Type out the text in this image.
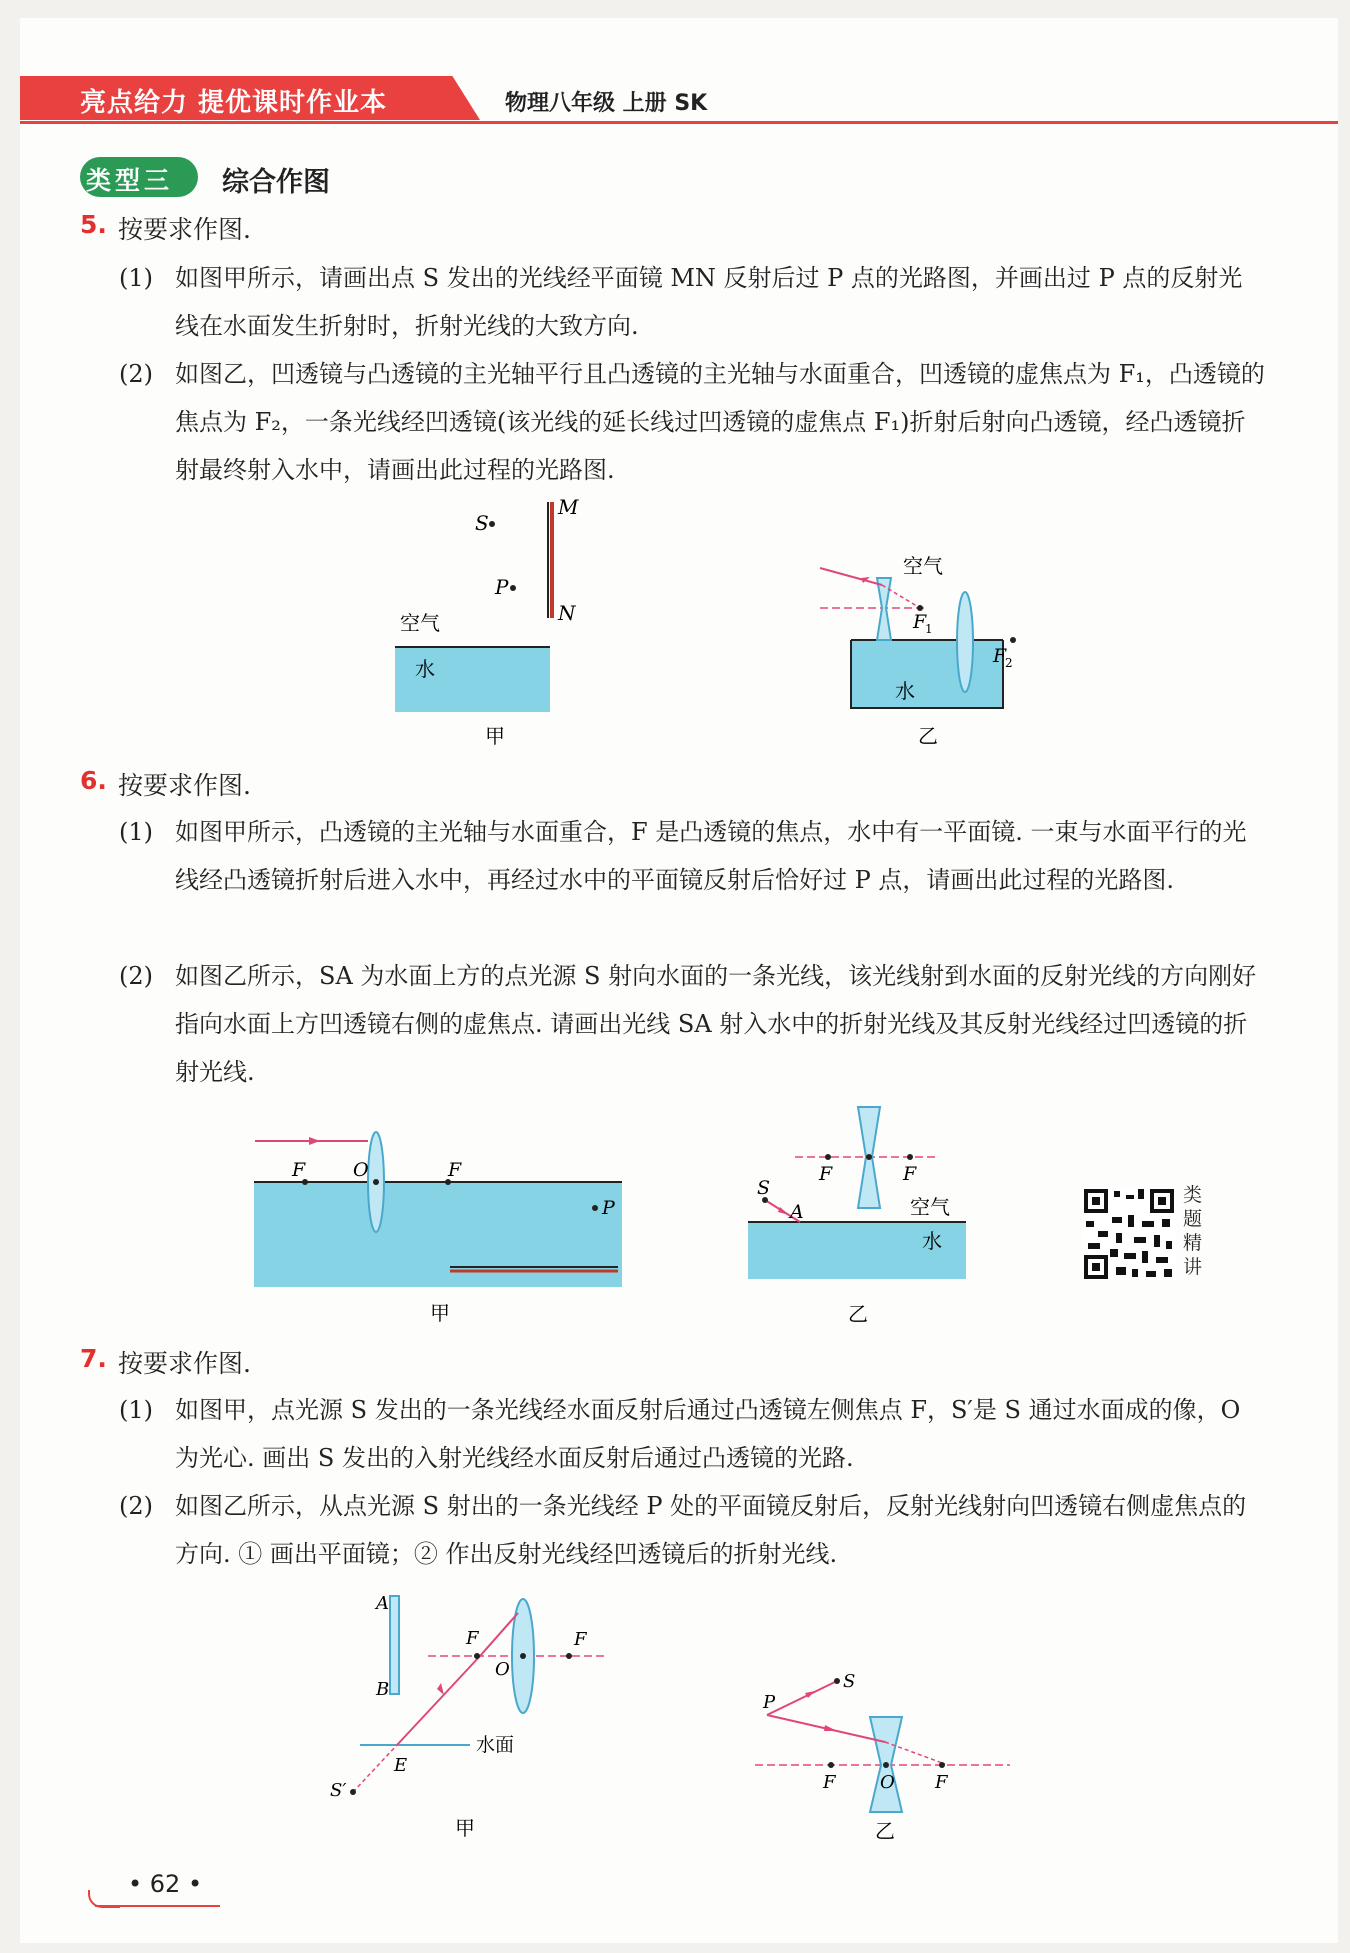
亮点给力 提优课时作业本	物理八年级 上册 SK
类型三 综合作图
5. 按要求作图.
(1) 如图甲所示，请画出点 S 发出的光线经平面镜 MN 反射后过 P 点的光路图，并画出过 P 点的反射光线在水面发生折射时，折射光线的大致方向.
(2) 如图乙，凹透镜与凸透镜的主光轴平行且凸透镜的主光轴与水面重合，凹透镜的虚焦点为 F₁，凸透镜的焦点为 F₂，一条光线经凹透镜(该光线的延长线过凹透镜的虚焦点 F₁)折射后射向凸透镜，经凸透镜折射最终射入水中，请画出此过程的光路图.
S
M
P
N
空气
水
甲
空气
F
1
F
2
水
乙
6. 按要求作图.
(1) 如图甲所示，凸透镜的主光轴与水面重合，F 是凸透镜的焦点，水中有一平面镜. 一束与水面平行的光线经凸透镜折射后进入水中，再经过水中的平面镜反射后恰好过 P 点，请画出此过程的光路图.
(2) 如图乙所示，SA 为水面上方的点光源 S 射向水面的一条光线，该光线射到水面的反射光线的方向刚好指向水面上方凹透镜右侧的虚焦点. 请画出光线 SA 射入水中的折射光线及其反射光线经过凹透镜的折射光线.
F	O	F
P
甲
S
A
F	F
空气
水
乙
类题精讲
7. 按要求作图.
(1) 如图甲，点光源 S 发出的一条光线经水面反射后通过凸透镜左侧焦点 F，S′是 S 通过水面成的像，O 为光心. 画出 S 发出的入射光线经水面反射后通过凸透镜的光路.
(2) 如图乙所示，从点光源 S 射出的一条光线经 P 处的平面镜反射后，反射光线射向凹透镜右侧虚焦点的方向. ① 画出平面镜；② 作出反射光线经凹透镜后的折射光线.
A
B
F
O
F
E
水面
S′
甲
S
P
F O F
乙
• 62 •
